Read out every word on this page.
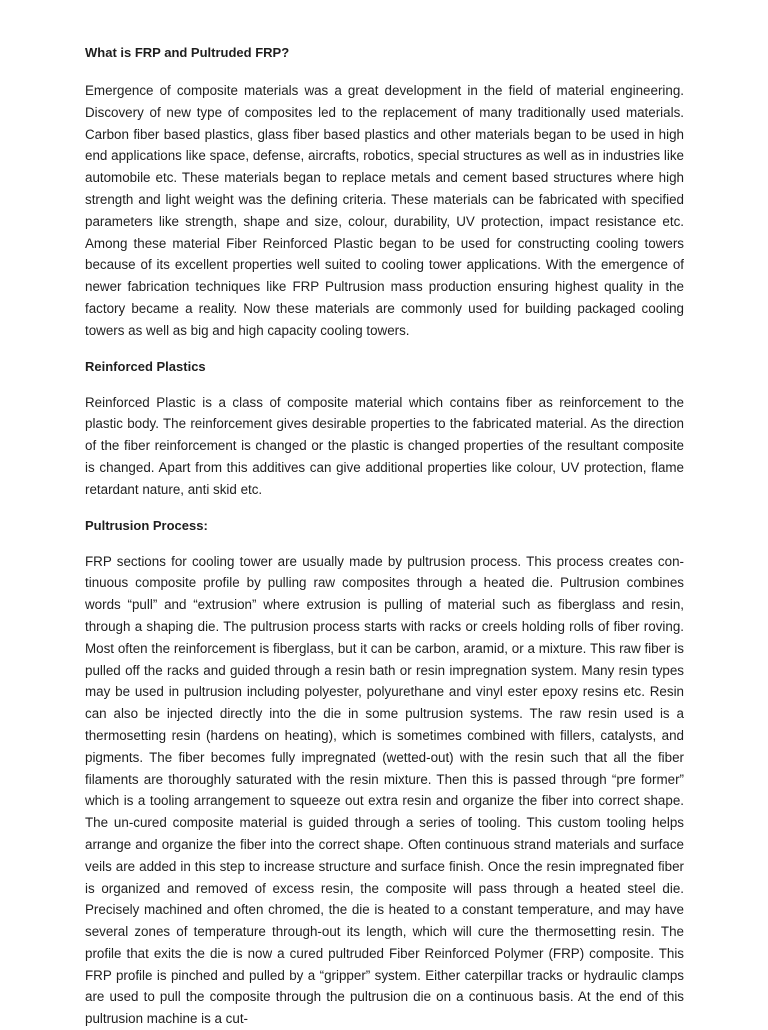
What is FRP and Pultruded FRP?

Emergence of composite materials was a great development in the field of material engineering. Discovery of new type of composites led to the replacement of many traditionally used materials. Carbon fiber based plastics, glass fiber based plastics and other materials began to be used in high end applications like space, defense, aircrafts, robotics, special structures as well as in industries like automobile etc. These materials began to replace metals and cement based structures where high strength and light weight was the defining criteria. These materials can be fabricated with specified parameters like strength, shape and size, colour, durability, UV protection, impact resistance etc. Among these material Fiber Reinforced Plastic began to be used for constructing cooling towers because of its excellent properties well suited to cooling tower applications. With the emergence of newer fabrication techniques like FRP Pultrusion mass production ensuring highest quality in the factory became a reality. Now these materials are commonly used for building packaged cooling towers as well as big and high capacity cooling towers.

Reinforced Plastics

Reinforced Plastic is a class of composite material which contains fiber as reinforcement to the plastic body. The reinforcement gives desirable properties to the fabricated material. As the direction of the fiber reinforcement is changed or the plastic is changed properties of the resultant composite is changed. Apart from this additives can give additional properties like colour, UV protection, flame retardant nature, anti skid etc.

Pultrusion Process:

FRP sections for cooling tower are usually made by pultrusion process. This process creates continuous composite profile by pulling raw composites through a heated die. Pultrusion combines words “pull” and “extrusion” where extrusion is pulling of material such as fiberglass and resin, through a shaping die. The pultrusion process starts with racks or creels holding rolls of fiber roving. Most often the reinforcement is fiberglass, but it can be carbon, aramid, or a mixture. This raw fiber is pulled off the racks and guided through a resin bath or resin impregnation system. Many resin types may be used in pultrusion including polyester, polyurethane and vinyl ester epoxy resins etc. Resin can also be injected directly into the die in some pultrusion systems. The raw resin used is a thermosetting resin (hardens on heating), which is sometimes combined with fillers, catalysts, and pigments. The fiber becomes fully impregnated (wetted-out) with the resin such that all the fiber filaments are thoroughly saturated with the resin mixture. Then this is passed through “pre former” which is a tooling arrangement to squeeze out extra resin and organize the fiber into correct shape. The un-cured composite material is guided through a series of tooling. This custom tooling helps arrange and organize the fiber into the correct shape. Often continuous strand materials and surface veils are added in this step to increase structure and surface finish. Once the resin impregnated fiber is organized and removed of excess resin, the composite will pass through a heated steel die. Precisely machined and often chromed, the die is heated to a constant temperature, and may have several zones of temperature through-out its length, which will cure the thermosetting resin. The profile that exits the die is now a cured pultruded Fiber Reinforced Polymer (FRP) composite. This FRP profile is pinched and pulled by a “gripper” system. Either caterpillar tracks or hydraulic clamps are used to pull the composite through the pultrusion die on a continuous basis. At the end of this pultrusion machine is a cut-
